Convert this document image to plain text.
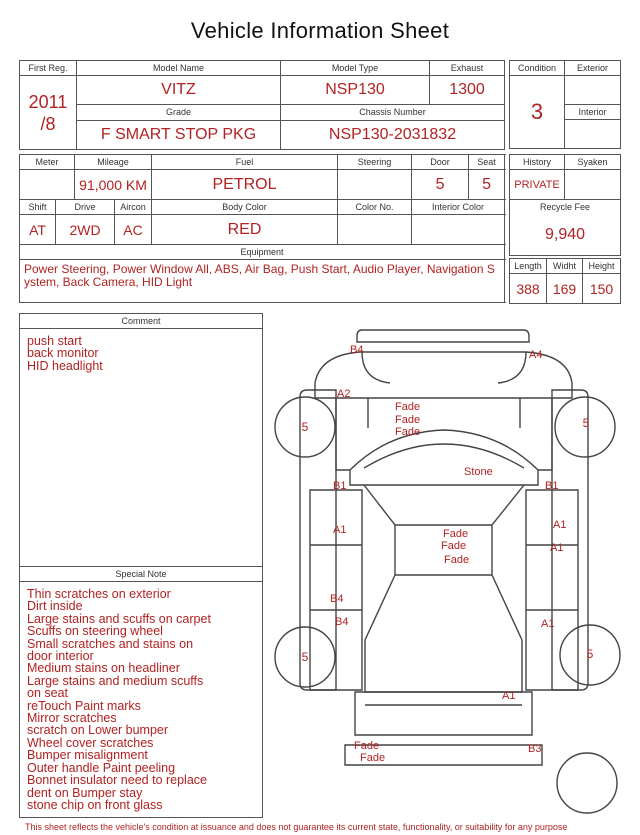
Vehicle Information Sheet
First Reg.	Model Name	Model Type	Exhaust

2011
/8	VITZ	NSP130	1300
	Grade	Chassis Number	
	F SMART STOP PKG	NSP130-2031832	
Condition	Exterior
3	
	Interior

Meter		Mileage		Fuel	Steering	Door	Seat
		91,000 KM		PETROL		5	5
Shift	Drive		Aircon	Body Color	Color No.	Interior Color	
AT	2WD		AC	RED			
Equipment							

Power Steering, Power Window All, ABS, Air Bag, Push Start, Audio Player, Navigation System, Back Camera, HID Light							
History	Syaken
PRIVATE	
Recycle Fee	
9,940	
Length	Widht	Height
388	169	150
Comment
push start
back monitor
HID headlight
Special Note
Thin scratches on exterior
Dirt inside
Large stains and scuffs on carpet
Scuffs on steering wheel
Small scratches and stains on
door interior
Medium stains on headliner
Large stains and medium scuffs
on seat
reTouch Paint marks
Mirror scratches
scratch on Lower bumper
Wheel cover scratches
Bumper misalignment
Outer handle Paint peeling
Bonnet insulator need to replace
dent on Bumper stay
stone chip on front glass
B4	A4
A2
Fade
Fade
Fade
Stone
B1	B1
A1	A1
A1
Fade
Fade
Fade
B4
B4	A1
A1
Fade
Fade
B3
5	5
5	5
This sheet reflects the vehicle's condition at issuance and does not guarantee its current state, functionality, or suitability for any purpose
